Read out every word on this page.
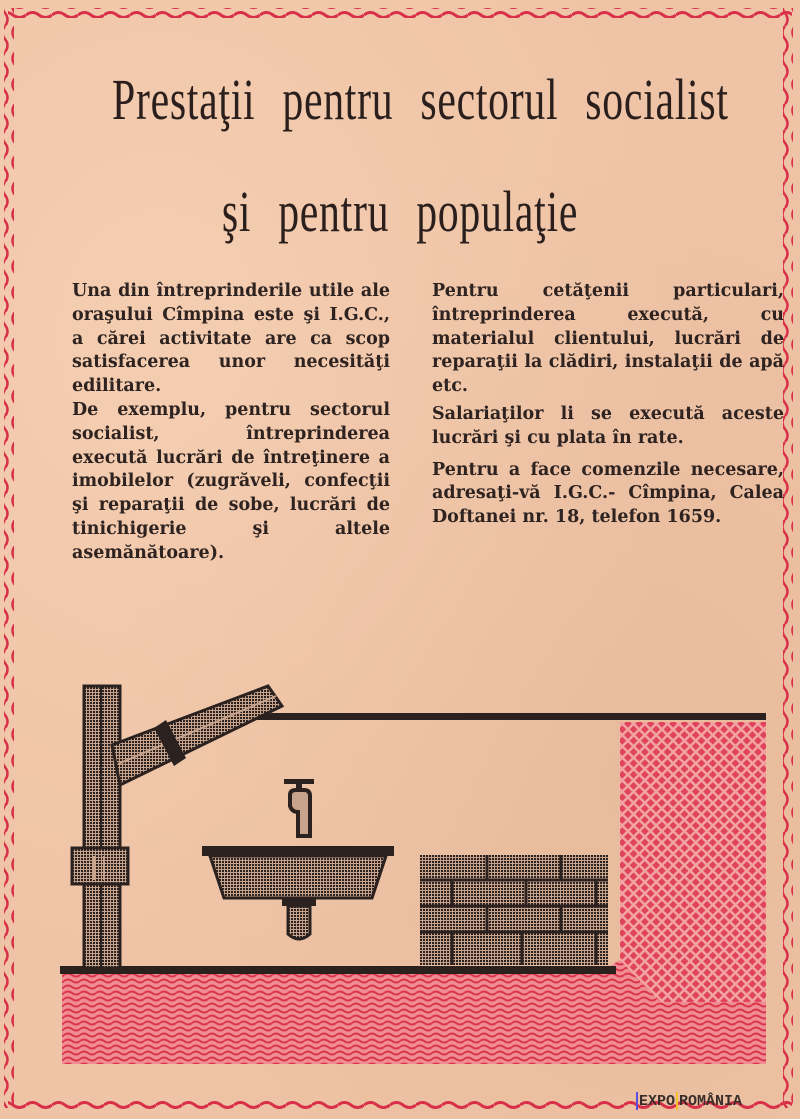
Prestaţii pentru sectorul socialist
şi pentru populaţie

Una din întreprinderile utile ale oraşului Cîmpina este şi I.G.C., a cărei activitate are ca scop satisfacerea unor necesităţi edilitare.

De exemplu, pentru sectorul socialist, întreprinderea execută lucrări de întreţinere a imobilelor (zugrăveli, confecţii şi reparaţii de sobe, lucrări de tinichigerie şi altele asemănătoare).

Pentru cetăţenii particulari, întreprinderea execută, cu materialul clientului, lucrări de reparaţii la clădiri, instalaţii de apă etc.

Salariaţilor li se execută aceste lucrări şi cu plata în rate.

Pentru a face comenzile necesare, adresaţi-vă I.G.C.- Cîmpina, Calea Doftanei nr. 18, telefon 1659.

EXPO ROMÂNIA
